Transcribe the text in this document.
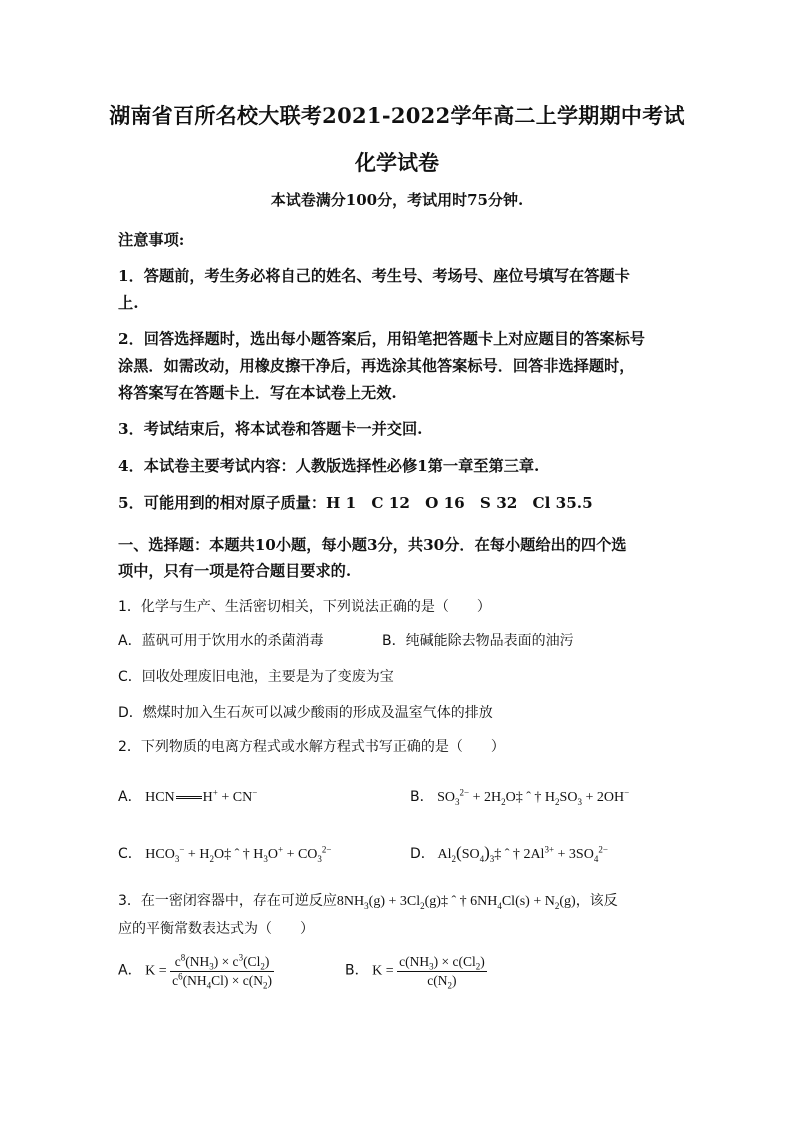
湖南省百所名校大联考2021-2022学年高二上学期期中考试
化学试卷
本试卷满分100分，考试用时75分钟.
注意事项:
1．答题前，考生务必将自己的姓名、考生号、考场号、座位号填写在答题卡
上.
2．回答选择题时，选出每小题答案后，用铅笔把答题卡上对应题目的答案标号
涂黑．如需改动，用橡皮擦干净后，再选涂其他答案标号．回答非选择题时，
将答案写在答题卡上．写在本试卷上无效.
3．考试结束后，将本试卷和答题卡一并交回.
4．本试卷主要考试内容：人教版选择性必修1第一章至第三章.
5．可能用到的相对原子质量：H 1　C 12　O 16　S 32　Cl 35.5
一、选择题：本题共10小题，每小题3分，共30分．在每小题给出的四个选
项中，只有一项是符合题目要求的.
1．化学与生产、生活密切相关，下列说法正确的是（　　）
A．蓝矾可用于饮用水的杀菌消毒	B．纯碱能除去物品表面的油污
C．回收处理废旧电池，主要是为了变废为宝
D．燃煤时加入生石灰可以减少酸雨的形成及温室气体的排放
2．下列物质的电离方程式或水解方程式书写正确的是（　　）
A． HCN H+ + CN−	B． $SO_3^{2-}$ + $2H_2O\ddagger$ ˆ † $H_2SO_3 + 2OH^-$
C． $HCO_3^-$ + $H_2O\ddagger$ ˆ † $H_3O^+ + CO_3^{2-}$	D． $Al_2(SO_4)_3\ddagger$ ˆ † $2Al^{3+} + 3SO_4^{2-}$
3．在一密闭容器中，存在可逆反应$8NH_3(g)$ + $3Cl_2(g)\ddagger$ ˆ † $6NH_4Cl(s) + N_2(g)$，该反
应的平衡常数表达式为（　　）
A． $K = \frac{c^8(NH_3) \times c^3(Cl_2)}{c^6(NH_4Cl) \times c(N_2)}$	B． $K = \frac{c(NH_3) \times c(Cl_2)}{c(N_2)}$
